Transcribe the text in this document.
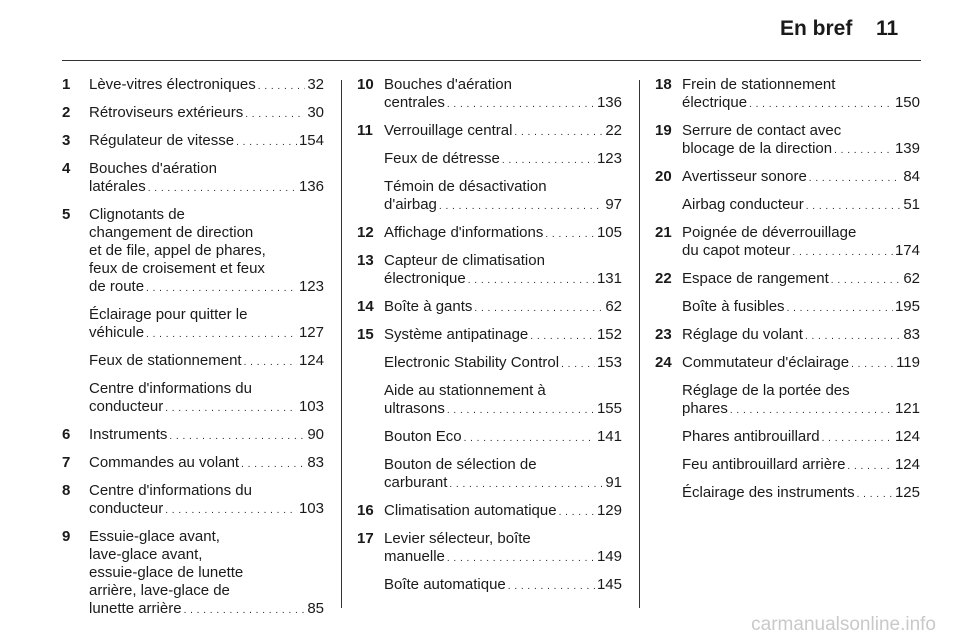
En bref 11
1 Lève-vitres électroniques . . .	32
2 Rétroviseurs extérieurs . . .	30
3 Régulateur de vitesse . . .	154
4 Bouches d'aération
latérales . . .	136
5 Clignotants de
changement de direction
et de file, appel de phares,
feux de croisement et feux
de route . . .	123
Éclairage pour quitter le
véhicule . . .	127
Feux de stationnement . . .	124
Centre d'informations du
conducteur . . .	103
6 Instruments . . .	90
7 Commandes au volant . . .	83
8 Centre d'informations du
conducteur . . .	103
9 Essuie-glace avant,
lave-glace avant,
essuie-glace de lunette
arrière, lave-glace de
lunette arrière . . .	85
10 Bouches d'aération
centrales . . .	136
11 Verrouillage central . . .	22
Feux de détresse . . .	123
Témoin de désactivation
d'airbag . . .	97
12 Affichage d'informations . . .	105
13 Capteur de climatisation
électronique . . .	131
14 Boîte à gants . . .	62
15 Système antipatinage . . .	152
Electronic Stability Control . . .	153
Aide au stationnement à
ultrasons . . .	155
Bouton Eco . . .	141
Bouton de sélection de
carburant . . .	91
16 Climatisation automatique . . .	129
17 Levier sélecteur, boîte
manuelle . . .	149
Boîte automatique . . .	145
18 Frein de stationnement
électrique . . .	150
19 Serrure de contact avec
blocage de la direction . . .	139
20 Avertisseur sonore . . .	84
Airbag conducteur . . .	51
21 Poignée de déverrouillage
du capot moteur . . .	174
22 Espace de rangement . . .	62
Boîte à fusibles . . .	195
23 Réglage du volant . . .	83
24 Commutateur d'éclairage . . .	119
Réglage de la portée des
phares . . .	121
Phares antibrouillard . . .	124
Feu antibrouillard arrière . . .	124
Éclairage des instruments . . .	125
carmanualsonline.info
